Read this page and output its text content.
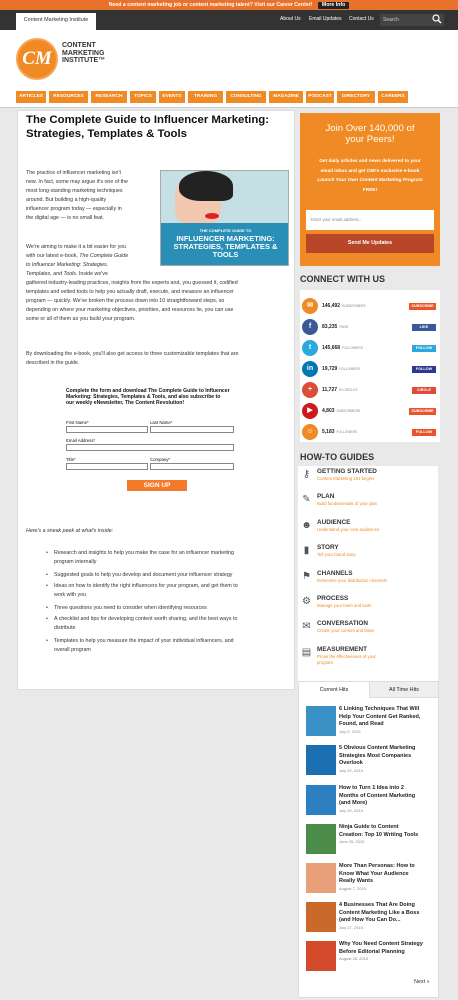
Need a content marketing job or content marketing talent? Visit our Career Center! More Info
Content Marketing Institute	About Us Email Updates Contact Us	Search
CM
CONTENT
MARKETING
INSTITUTE™
ARTICLES	RESOURCES	RESEARCH	TOPICS	EVENTS	TRAINING	CONSULTING	MAGAZINE	PODCAST	DIRECTORY	CAREERS
The Complete Guide to Influencer Marketing: Strategies, Templates & Tools
The practice of influencer marketing isn't
new. In fact, some may argue it's one of the
most long-standing marketing techniques
around. But building a high-quality
influencer program today — especially in
the digital age — is no small feat.
THE COMPLETE GUIDE TO
INFLUENCER MARKETING: STRATEGIES, TEMPLATES & TOOLS
We're aiming to make it a bit easier for you
with our latest e-book, The Complete Guide
to Influencer Marketing: Strategies,
Templates, and Tools. Inside we've
gathered industry-leading practices, insights from the experts and, you guessed it, codified
templates and vetted tools to help you actually draft, execute, and measure an influencer
program — quickly. We've broken the process down into 10 straightforward steps, so
depending on where your marketing objectives, priorities, and resources lie, you can use
some or all of them as you build your program.
By downloading the e-book, you'll also get access to three customizable templates that are
described in the guide.
Complete the form and download The Complete Guide to Influencer
Marketing: Strategies, Templates & Tools, and also subscribe to
our weekly eNewsletter, The Content Revolution!
First Name*	Last Name*
Email Address*
Title*	Company*
SIGN UP
Here's a sneak peek at what's inside:
• Research and insights to help you make the case for an influencer marketing
program internally
• Suggested goals to help you develop and document your influencer strategy
• Ideas on how to identify the right influencers for your program, and get them to
work with you
• Three questions you need to consider when identifying resources
• A checklist and tips for developing content worth sharing, and the best ways to
distribute
• Templates to help you measure the impact of your individual influencers, and
overall program
Join Over 140,000 of
your Peers!
Get daily articles and news delivered to your
email inbox and get CMI's exclusive e-book
Launch Your Own Content Marketing Program
FREE!
Enter your email address...
Send Me Updates
CONNECT WITH US
✉	146,492 SUBSCRIBERS	SUBSCRIBE
f	83,235 FANS	LIKE
t	145,668 FOLLOWERS	FOLLOW
in	19,729 FOLLOWERS	FOLLOW
+	11,727 IN CIRCLES	CIRCLE
▶	4,803 SUBSCRIBERS	SUBSCRIBE
☺	5,183 FOLLOWERS	FOLLOW
HOW-TO GUIDES
⚷	GETTING STARTED
Content Marketing 101 begins
✎ PLAN
Build fundamentals of your plan
☻ AUDIENCE
Understand your core audiences
▮	STORY
Tell your brand story
⚑ CHANNELS
Determine your distribution channels
⚙ PROCESS
Manage your team and tools
✉ CONVERSATION
Create your content and listen
▤ MEASUREMENT
Prove the effectiveness of your
program
Current Hits	All Time Hits
6 Linking Techniques That Will
Help Your Content Get Ranked,
Found, and Read
July 9, 2015
5 Obvious Content Marketing
Strategies Most Companies
Overlook
July 22, 2015
How to Turn 1 Idea into 2
Months of Content Marketing
(and More)
July 20, 2015
Ninja Guide to Content
Creation: Top 10 Writing Tools
June 26, 2015
More Than Personas: How to
Know What Your Audience
Really Wants
August 7, 2015
4 Businesses That Are Doing
Content Marketing Like a Boss
(and How You Can Do...
July 27, 2015
Why You Need Content Strategy
Before Editorial Planning
August 28, 2015
Next »
